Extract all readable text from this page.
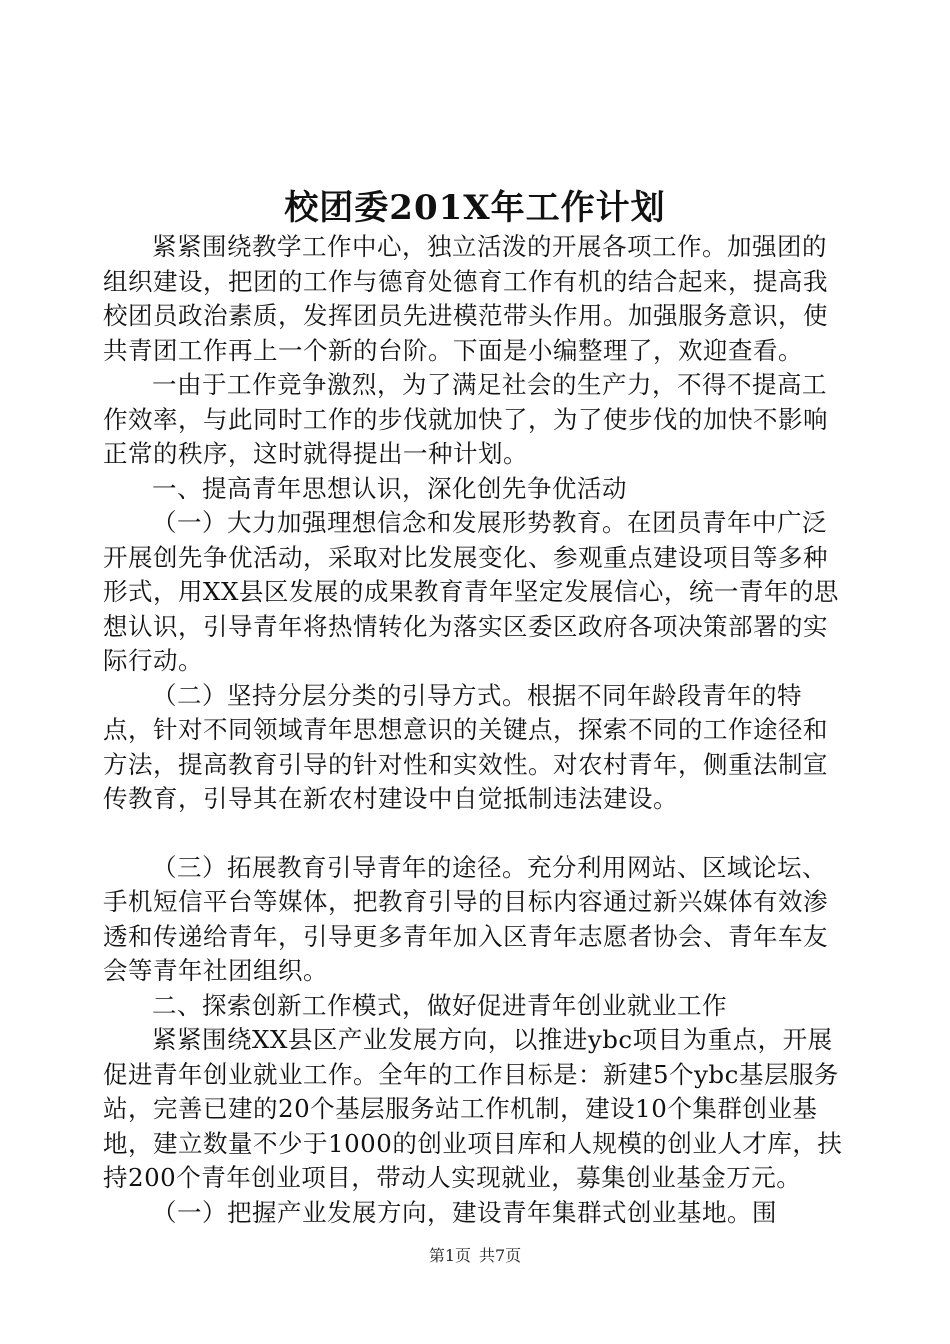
校团委201X年工作计划

紧紧围绕教学工作中心，独立活泼的开展各项工作。加强团的组织建设，把团的工作与德育处德育工作有机的结合起来，提高我校团员政治素质，发挥团员先进模范带头作用。加强服务意识，使共青团工作再上一个新的台阶。下面是小编整理了，欢迎查看。

一由于工作竞争激烈，为了满足社会的生产力，不得不提高工作效率，与此同时工作的步伐就加快了，为了使步伐的加快不影响正常的秩序，这时就得提出一种计划。

一、提高青年思想认识，深化创先争优活动

（一）大力加强理想信念和发展形势教育。在团员青年中广泛开展创先争优活动，采取对比发展变化、参观重点建设项目等多种形式，用XX县区发展的成果教育青年坚定发展信心，统一青年的思想认识，引导青年将热情转化为落实区委区政府各项决策部署的实际行动。

（二）坚持分层分类的引导方式。根据不同年龄段青年的特点，针对不同领域青年思想意识的关键点，探索不同的工作途径和方法，提高教育引导的针对性和实效性。对农村青年，侧重法制宣传教育，引导其在新农村建设中自觉抵制违法建设。

（三）拓展教育引导青年的途径。充分利用网站、区域论坛、手机短信平台等媒体，把教育引导的目标内容通过新兴媒体有效渗透和传递给青年，引导更多青年加入区青年志愿者协会、青年车友会等青年社团组织。

二、探索创新工作模式，做好促进青年创业就业工作

紧紧围绕XX县区产业发展方向，以推进ybc项目为重点，开展促进青年创业就业工作。全年的工作目标是：新建5个ybc基层服务站，完善已建的20个基层服务站工作机制，建设10个集群创业基地，建立数量不少于1000的创业项目库和人规模的创业人才库，扶持200个青年创业项目，带动人实现就业，募集创业基金万元。

（一）把握产业发展方向，建设青年集群式创业基地。围

第1页 共7页
